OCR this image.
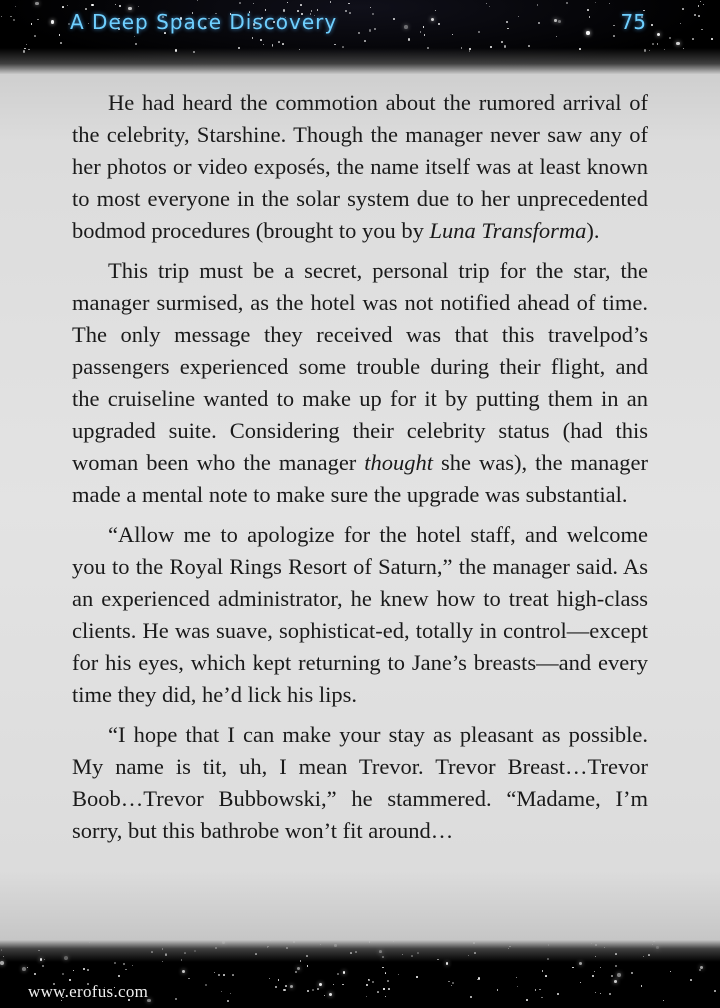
A Deep Space Discovery	75

He had heard the commotion about the rumored arrival of the celebrity, Starshine. Though the manager never saw any of her photos or video exposés, the name itself was at least known to most everyone in the solar system due to her unprecedented bodmod procedures (brought to you by Luna Transforma).

This trip must be a secret, personal trip for the star, the manager surmised, as the hotel was not notified ahead of time. The only message they received was that this travelpod’s passengers experienced some trouble during their flight, and the cruiseline wanted to make up for it by putting them in an upgraded suite. Considering their celebrity status (had this woman been who the manager thought she was), the manager made a mental note to make sure the upgrade was substantial.

“Allow me to apologize for the hotel staff, and welcome you to the Royal Rings Resort of Saturn,” the manager said. As an experienced administrator, he knew how to treat high-class clients. He was suave, sophisticat-ed, totally in control—except for his eyes, which kept returning to Jane’s breasts—and every time they did, he’d lick his lips.

“I hope that I can make your stay as pleasant as possible. My name is tit, uh, I mean Trevor. Trevor Breast…Trevor Boob…Trevor Bubbowski,” he stammered. “Madame, I’m sorry, but this bathrobe won’t fit around…

www.erofus.com
